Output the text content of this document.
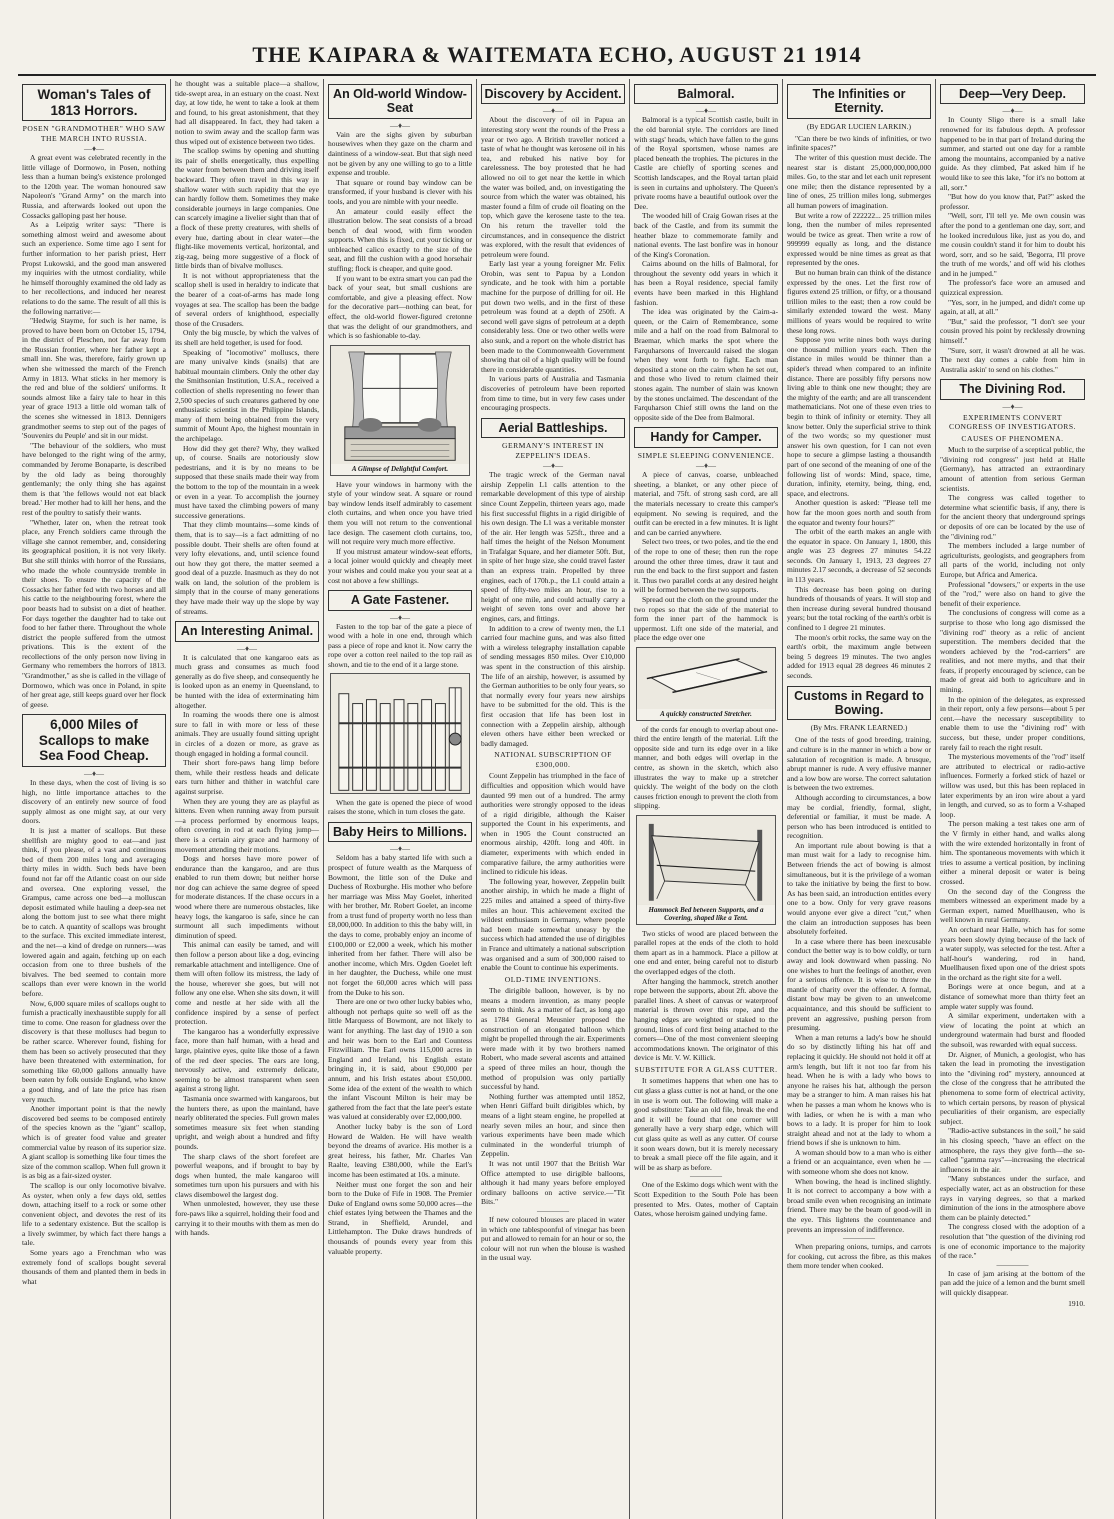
THE KAIPARA & WAITEMATA ECHO, AUGUST 21 1914
Woman's Tales of 1813 Horrors.
POSEN "GRANDMOTHER" WHO SAW THE MARCH INTO RUSSIA.
—♦—

A great event was celebrated recently in the little village of Dormowo, in Posen, nothing less than a human being's existence prolonged to the 120th year. The woman honoured saw Napoleon's "Grand Army" on the march into Russia, and afterwards looked out upon the Cossacks galloping past her house.

As a Leipzig writer says: "There is something almost weird and awesome about such an experience. Some time ago I sent for further information to her parish priest, Herr Propst Lukowski, and the good man answered my inquiries with the utmost cordiality, while he himself thoroughly examined the old lady as to her recollections, and induced her nearest relations to do the same. The result of all this is the following narrative:—

"Hedwig Stayme, for such is her name, is proved to have been born on October 15, 1794, in the district of Pleschen, not far away from the Russian frontier, where her father kept a small inn. She was, therefore, fairly grown up when she witnessed the march of the French Army in 1813. What sticks in her memory is the red and blue of the soldiers' uniforms. It sounds almost like a fairy tale to hear in this year of grace 1913 a little old woman talk of the scenes she witnessed in 1813. Dennigers grandmother seems to step out of the pages of 'Souvenirs du Peuple' and sit in our midst.

"The behaviour of the soldiers, who must have belonged to the right wing of the army, commanded by Jerome Bonaparte, is described by the old lady as being thoroughly gentlemanly; the only thing she has against them is that 'the fellows would not eat black bread.' Her mother had to kill her hens, and the rest of the poultry to satisfy their wants.

"Whether, later on, when the retreat took place, any French soldiers came through the village she cannot remember, and, considering its geographical position, it is not very likely. But she still thinks with horror of the Russians, who made the whole countryside tremble in their shoes. To ensure the capacity of the Cossacks her father fed with two horses and all his cattle to the neighbouring forest, where the poor beasts had to subsist on a diet of heather. For days together the daughter had to take out food to her father there. Throughout the whole district the people suffered from the utmost privations. This is the extent of the recollections of the only person now living in Germany who remembers the horrors of 1813. "Grandmother," as she is called in the village of Dormowo, which was once in Poland, in spite of her great age, still keeps guard over her flock of geese.

6,000 Miles of Scallops to make Sea Food Cheap.
—♦—

In these days, when the cost of living is so high, no little importance attaches to the discovery of an entirely new source of food supply almost as one might say, at our very doors.

It is just a matter of scallops. But these shellfish are mighty good to eat—and just think, if you please, of a vast and continuous bed of them 200 miles long and averaging thirty miles in width. Such beds have been found not far off the Atlantic coast on our side and oversea. One exploring vessel, the Grampus, came across one bed—a molluscan deposit estimated while hauling a deep-sea net along the bottom just to see what there might be to catch. A quantity of scallops was brought to the surface. This excited immediate interest, and the net—a kind of dredge on runners—was lowered again and again, fetching up on each occasion from one to three bushels of the bivalves. The bed seemed to contain more scallops than ever were known in the world before.

Now, 6,000 square miles of scallops ought to furnish a practically inexhaustible supply for all time to come. One reason for gladness over the discovery is that these molluscs had begun to be rather scarce. Wherever found, fishing for them has been so actively prosecuted that they have been threatened with extermination, for something like 60,000 gallons annually have been eaten by folk outside England, who know a good thing, and of late the price has risen very much.

Another important point is that the newly discovered bed seems to be composed entirely of the species known as the "giant" scallop, which is of greater food value and greater commercial value by reason of its superior size. A giant scallop is something like four times the size of the common scallop. When full grown it is as big as a fair-sized oyster.

The scallop is our only locomotive bivalve. As oyster, when only a few days old, settles down, attaching itself to a rock or some other convenient object, and devotes the rest of its life to a sedentary existence. But the scallop is a lively swimmer, by which fact there hangs a tale.

Some years ago a Frenchman who was extremely fond of scallops bought several thousands of them and planted them in beds in what

he thought was a suitable place—a shallow, tide-swept area, in an estuary on the coast. Next day, at low tide, he went to take a look at them and found, to his great astonishment, that they had all disappeared. In fact, they had taken a notion to swim away and the scallop farm was thus wiped out of existence between two tides.

The scallop swims by opening and shutting its pair of shells energetically, thus expelling the water from between them and driving itself backward. They often travel in this way in shallow water with such rapidity that the eye can hardly follow them. Sometimes they make considerable journeys in large companies. One can scarcely imagine a livelier sight than that of a flock of these pretty creatures, with shells of every hue, darting about in clear water—the flight-like movements vertical, horizontal, and zig-zag, being more suggestive of a flock of little birds than of bivalve molluscs.

It is not without appropriateness that the scallop shell is used in heraldry to indicate that the bearer of a coat-of-arms has made long voyages at sea. The scallop has been the badge of several orders of knighthood, especially those of the Crusaders.

Only the big muscle, by which the valves of its shell are held together, is used for food.

Speaking of "locomotive" molluscs, there are many univalve kinds (snails) that are habitual mountain climbers. Only the other day the Smithsonian Institution, U.S.A., received a collection of shells representing no fewer than 2,500 species of such creatures gathered by one enthusiastic scientist in the Philippine Islands, many of them being obtained from the very summit of Mount Apo, the highest mountain in the archipelago.

How did they get there? Why, they walked up, of course. Snails are notoriously slow pedestrians, and it is by no means to be supposed that these snails made their way from the bottom to the top of the mountain in a week or even in a year. To accomplish the journey must have taxed the climbing powers of many successive generations.

That they climb mountains—some kinds of them, that is to say—is a fact admitting of no possible doubt. Their shells are often found at very lofty elevations, and, until science found out how they got there, the matter seemed a good deal of a puzzle. Inasmuch as they do not walk on land, the solution of the problem is simply that in the course of many generations they have made their way up the slope by way of streams.

An Interesting Animal.
—♦—

It is calculated that one kangaroo eats as much grass and consumes as much food generally as do five sheep, and consequently he is looked upon as an enemy in Queensland, to be hunted with the idea of exterminating him altogether.

In roaming the woods there one is almost sure to fall in with more or less of these animals. They are usually found sitting upright in circles of a dozen or more, as grave as though engaged in holding a formal council.

Their short fore-paws hang limp before them, while their restless heads and delicate ears turn hither and thither in watchful care against surprise.

When they are young they are as playful as kittens. Even when running away from pursuit—a process performed by enormous leaps, often covering in rod at each flying jump—there is a certain airy grace and harmony of movement attending their motions.

Dogs and horses have more power of endurance than the kangaroo, and are thus enabled to run them down; but neither horse nor dog can achieve the same degree of speed for moderate distances. If the chase occurs in a wood where there are numerous obstacles, like heavy logs, the kangaroo is safe, since he can surmount all such impediments without diminution of speed.

This animal can easily be tamed, and will then follow a person about like a dog, evincing remarkable attachment and intelligence. One of them will often follow its mistress, the lady of the house, wherever she goes, but will not follow any one else. When she sits down, it will come and nestle at her side with all the confidence inspired by a sense of perfect protection.

The kangaroo has a wonderfully expressive face, more than half human, with a head and large, plaintive eyes, quite like those of a fawn of the red deer species. The ears are long, nervously active, and extremely delicate, seeming to be almost transparent when seen against a strong light.

Tasmania once swarmed with kangaroos, but the hunters there, as upon the mainland, have nearly obliterated the species. Full grown males sometimes measure six feet when standing upright, and weigh about a hundred and fifty pounds.

The sharp claws of the short forefeet are powerful weapons, and if brought to bay by dogs when hunted, the male kangaroo will sometimes turn upon his pursuers and with his claws disembowel the largest dog.

When unmolested, however, they use these fore-paws like a squirrel, holding their food and carrying it to their mouths with them as men do with hands.

An Old-world Window-Seat
—♦—

Vain are the sighs given by suburban housewives when they gaze on the charm and daintiness of a window-seat. But that sigh need not be given by any one willing to go to a little expense and trouble.

That square or round bay window can be transformed, if your husband is clever with his tools, and you are nimble with your needle.

An amateur could easily effect the illustration below. The seat consists of a broad bench of deal wood, with firm wooden supports. When this is fixed, cut your ticking or unbleached calico exactly to the size of the seat, and fill the cushion with a good horsehair stuffing; flock is cheaper, and quite good.

If you want to be extra smart you can pad the back of your seat, but small cushions are comfortable, and give a pleasing effect. Now for the decorative part—nothing can beat, for effect, the old-world flower-figured cretonne that was the delight of our grandmothers, and which is so fashionable to-day.

A Glimpse of Delightful Comfort.

Have your windows in harmony with the style of your window seat. A square or round bay window lends itself admirably to casement cloth curtains, and when once you have tried them you will not return to the conventional lace design. The casement cloth curtains, too, will not require very much more effective.

If you mistrust amateur window-seat efforts, a local joiner would quickly and cheaply meet your wishes and could make you your seat at a cost not above a few shillings.

A Gate Fastener.
—♦—

Fasten to the top bar of the gate a piece of wood with a hole in one end, through which pass a piece of rope and knot it. Now carry the rope over a cotton reel nailed to the top rail as shown, and tie to the end of it a large stone.

When the gate is opened the piece of wood raises the stone, which in turn closes the gate.

Baby Heirs to Millions.
—♦—

Seldom has a baby started life with such a prospect of future wealth as the Marquess of Bowmont, the little son of the Duke and Duchess of Roxburghe. His mother who before her marriage was Miss May Goelet, inherited with her brother, Mr. Robert Goelet, an income from a trust fund of property worth no less than £8,000,000. In addition to this the baby will, in the days to come, probably enjoy an income of £100,000 or £2,000 a week, which his mother inherited from her father. There will also be another income, which Mrs. Ogden Goelet left in her daughter, the Duchess, while one must not forget the 60,000 acres which will pass from the Duke to his son.

There are one or two other lucky babies who, although not perhaps quite so well off as the little Marquess of Bowmont, are not likely to want for anything. The last day of 1910 a son and heir was born to the Earl and Countess Fitzwilliam. The Earl owns 115,000 acres in England and Ireland, his English estate bringing in, it is said, about £90,000 per annum, and his Irish estates about £50,000. Some idea of the extent of the wealth to which the infant Viscount Milton is heir may be gathered from the fact that the late peer's estate was valued at considerably over £2,000,000.

Another lucky baby is the son of Lord Howard de Walden. He will have wealth beyond the dreams of avarice. His mother is a great heiress, his father, Mr. Charles Van Raalte, leaving £380,000, while the Earl's income has been estimated at 10s. a minute.

Neither must one forget the son and heir born to the Duke of Fife in 1908. The Premier Duke of England owns some 50,000 acres—the chief estates lying between the Thames and the Strand, in Sheffield, Arundel, and Littlehampton. The Duke draws hundreds of thousands of pounds every year from this valuable property.

Discovery by Accident.
—♦—

About the discovery of oil in Papua an interesting story went the rounds of the Press a year or two ago. A British traveller noticed a taste of what he thought was kerosene oil in his tea, and rebuked his native boy for carelessness. The boy protested that he had allowed no oil to get near the kettle in which the water was boiled, and, on investigating the source from which the water was obtained, his master found a film of crude oil floating on the top, which gave the kerosene taste to the tea. On his return the traveller told the circumstances, and in consequence the district was explored, with the result that evidences of petroleum were found.

Early last year a young foreigner Mr. Felix Orobin, was sent to Papua by a London syndicate, and he took with him a portable machine for the purpose of drilling for oil. He put down two wells, and in the first of these petroleum was found at a depth of 250ft. A second well gave signs of petroleum at a depth considerably less. One or two other wells were also sunk, and a report on the whole district has been made to the Commonwealth Government showing that oil of a high quality will be found there in considerable quantities.

In various parts of Australia and Tasmania discoveries of petroleum have been reported from time to time, but in very few cases under encouraging prospects.

Aerial Battleships.
GERMANY'S INTEREST IN ZEPPELIN'S IDEAS.
—♦—

The tragic wreck of the German naval airship Zeppelin L1 calls attention to the remarkable development of this type of airship since Count Zeppelin, thirteen years ago, made his first successful flights in a rigid dirigible of his own design. The L1 was a veritable monster of the air. Her length was 525ft., three and a half times the height of the Nelson Monument in Trafalgar Square, and her diameter 50ft. But, in spite of her huge size, she could travel faster than an express train. Propelled by three engines, each of 170h.p., the L1 could attain a speed of fifty-two miles an hour, rise to a height of one mile, and could actually carry a weight of seven tons over and above her engines, cars, and fittings.

In addition to a crew of twenty men, the L1 carried four machine guns, and was also fitted with a wireless telegraphy installation capable of sending messages 850 miles. Over £10,000 was spent in the construction of this airship. The life of an airship, however, is assumed by the German authorities to be only four years, so that normally every four years new airships have to be submitted for the old. This is the first occasion that life has been lost in connection with a Zeppelin airship, although eleven others have either been wrecked or badly damaged.

NATIONAL SUBSCRIPTION OF £300,000.

Count Zeppelin has triumphed in the face of difficulties and opposition which would have daunted 99 men out of a hundred. The army authorities were strongly opposed to the ideas of a rigid dirigible, although the Kaiser supported the Count in his experiments, and when in 1905 the Count constructed an enormous airship, 420ft. long and 40ft. in diameter, experiments with which ended in comparative failure, the army authorities were inclined to ridicule his ideas.

The following year, however, Zeppelin built another airship, in which he made a flight of 225 miles and attained a speed of thirty-five miles an hour. This achievement excited the wildest enthusiasm in Germany, where people had been made somewhat uneasy by the success which had attended the use of dirigibles in France and ultimately a national subscription was organised and a sum of 300,000 raised to enable the Count to continue his experiments.

OLD-TIME INVENTIONS.

The dirigible balloon, however, is by no means a modern invention, as many people seem to think. As a matter of fact, as long ago as 1784 General Meusnier proposed the construction of an elongated balloon which might be propelled through the air. Experiments were made with it by two brothers named Robert, who made several ascents and attained a speed of three miles an hour, though the method of propulsion was only partially successful by hand.

Nothing further was attempted until 1852, when Henri Giffard built dirigibles which, by means of a light steam engine, he propelled at nearly seven miles an hour, and since then various experiments have been made which culminated in the wonderful triumph of Zeppelin.

It was not until 1907 that the British War Office attempted to use dirigible balloons, although it had many years before employed ordinary balloons on active service.—"Tit Bits."

————

If new coloured blouses are placed in water in which one tablespoonful of vinegar has been put and allowed to remain for an hour or so, the colour will not run when the blouse is washed in the usual way.

Balmoral.
—♦—

Balmoral is a typical Scottish castle, built in the old baronial style. The corridors are lined with stags' heads, which have fallen to the guns of the Royal sportsmen, whose names are placed beneath the trophies. The pictures in the Castle are chiefly of sporting scenes and Scottish landscapes, and the Royal tartan plaid is seen in curtains and upholstery. The Queen's private rooms have a beautiful outlook over the Dee.

The wooded hill of Craig Gowan rises at the back of the Castle, and from its summit the heather blaze to commemorate family and national events. The last bonfire was in honour of the King's Coronation.

Cairns abound on the hills of Balmoral, for throughout the seventy odd years in which it has been a Royal residence, special family events have been marked in this Highland fashion.

The idea was originated by the Cairn-a-queen, or the Cairn of Remembrance, some mile and a half on the road from Balmoral to Braemar, which marks the spot where the Farquharsons of Invercauld raised the slogan when they went forth to fight. Each man deposited a stone on the cairn when he set out, and those who lived to return claimed their stones again. The number of slain was known by the stones unclaimed. The descendant of the Farquharson Chief still owns the land on the opposite side of the Dee from Balmoral.

Handy for Camper.
SIMPLE SLEEPING CONVENIENCE.
—♦—

A piece of canvas, coarse, unbleached sheeting, a blanket, or any other piece of material, and 75ft. of strong sash cord, are all the materials necessary to create this camper's equipment. No sewing is required, and the outfit can be erected in a few minutes. It is light and can be carried anywhere.

Select two trees, or two poles, and tie the end of the rope to one of these; then run the rope around the other three times, draw it taut and run the end back to the first support and fasten it. Thus two parallel cords at any desired height will be formed between the two supports.

Spread out the cloth on the ground under the two ropes so that the side of the material to form the inner part of the hammock is uppermost. Lift one side of the material, and place the edge over one

A quickly constructed Stretcher.

of the cords far enough to overlap about one-third the entire length of the material. Lift the opposite side and turn its edge over in a like manner, and both edges will overlap in the centre, as shown in the sketch, which also illustrates the way to make up a stretcher quickly. The weight of the body on the cloth causes friction enough to prevent the cloth from slipping.

Hammock Bed between Supports, and a Covering, shaped like a Tent.

Two sticks of wood are placed between the parallel ropes at the ends of the cloth to hold them apart as in a hammock. Place a pillow at one end and enter, being careful not to disturb the overlapped edges of the cloth.

After hanging the hammock, stretch another rope between the supports, about 2ft. above the parallel lines. A sheet of canvas or waterproof material is thrown over this rope, and the hanging edges are weighted or staked to the ground, lines of cord first being attached to the corners—One of the most convenient sleeping accommodations known. The originator of this device is Mr. V. W. Killick.

SUBSTITUTE FOR A GLASS CUTTER.

It sometimes happens that when one has to cut glass a glass cutter is not at hand, or the one in use is worn out. The following will make a good substitute: Take an old file, break the end and it will be found that one corner will generally have a very sharp edge, which will cut glass quite as well as any cutter. Of course it soon wears down, but it is merely necessary to break a small piece off the file again, and it will be as sharp as before.

————

One of the Eskimo dogs which went with the Scott Expedition to the South Pole has been presented to Mrs. Oates, mother of Captain Oates, whose heroism gained undying fame.

The Infinities or Eternity.
(By EDGAR LUCIEN LARKIN.)

"Can there be two kinds of infinities, or two infinite spaces?"

The writer of this question must decide. The nearest star is distant 25,000,000,000,000 miles. Go, to the star and let each unit represent one mile; then the distance represented by a line of ones, 25 trillion miles long, submerges all human powers of imagination.

But write a row of 222222... 25 trillion miles long, then the number of miles represented would be twice as great. Then write a row of 999999 equally as long, and the distance expressed would be nine times as great as that represented by the ones.

But no human brain can think of the distance expressed by the ones. Let the first row of figures extend 25 trillion, or fifty, or a thousand trillion miles to the east; then a row could be similarly extended toward the west. Many millions of years would be required to write these long rows.

Suppose you write nines both ways during one thousand million years each. Then the distance in miles would be thinner than a spider's thread when compared to an infinite distance. There are possibly fifty persons now living able to think one new thought; they are the mighty of the earth; and are all transcendent mathematicians. Not one of these even tries to begin to think of infinity or eternity. They all know better. Only the superficial strive to think of the two words; so my questioner must answer his own question, for I can not even hope to secure a glimpse lasting a thousandth part of one second of the meaning of one of the following list of words: Mind, space, time, duration, infinity, eternity, being, thing, end, space, and electrons.

Another question is asked: "Please tell me how far the moon goes north and south from the equator and twenty four hours?"

The orbit of the earth makes an angle with the equator in space. On January 1, 1800, this angle was 23 degrees 27 minutes 54.22 seconds. On January 1, 1913, 23 degrees 27 minutes 2.17 seconds, a decrease of 52 seconds in 113 years.

This decrease has been going on during hundreds of thousands of years. It will stop and then increase during several hundred thousand years; but the total rocking of the earth's orbit is confined to 1 degree 21 minutes.

The moon's orbit rocks, the same way on the earth's orbit, the maximum angle between being 5 degrees 19 minutes. The two angles added for 1913 equal 28 degrees 46 minutes 2 seconds.

Customs in Regard to Bowing.
(By Mrs. FRANK LEARNED.)

One of the tests of good breeding, training, and culture is in the manner in which a bow or salutation of recognition is made. A brusque, abrupt manner is rude. A very effusive manner and a low bow are worse. The correct salutation is between the two extremes.

Although according to circumstances, a bow may be cordial, friendly, formal, slight, deferential or familiar, it must be made. A person who has been introduced is entitled to recognition.

An important rule about bowing is that a man must wait for a lady to recognise him. Between friends the act of bowing is almost simultaneous, but it is the privilege of a woman to take the initiative by being the first to bow. As has been said, an introduction entitles every one to a bow. Only for very grave reasons would anyone ever give a direct "cut," when the claim an introduction supposes has been absolutely forfeited.

In a case where there has been inexcusable conduct the better way is to bow coldly, or turn away and look downward when passing. No one wishes to hurt the feelings of another, even for a serious offence. It is wise to throw the mantle of charity over the offender. A formal, distant bow may be given to an unwelcome acquaintance, and this should be sufficient to prevent an aggressive, pushing person from presuming.

When a man returns a lady's bow he should do so by distinctly lifting his hat off and replacing it quickly. He should not hold it off at arm's length, but lift it not too far from his head. When he is with a lady who bows to anyone he raises his hat, although the person may be a stranger to him. A man raises his hat when he passes a man whom he knows who is with ladies, or when he is with a man who bows to a lady. It is proper for him to look straight ahead and not at the lady to whom a friend bows if she is unknown to him.

A woman should bow to a man who is either a friend or an acquaintance, even when he — with someone whom she does not know.

When bowing, the head is inclined slightly. It is not correct to accompany a bow with a broad smile even when recognising an intimate friend. There may be the beam of good-will in the eye. This lightens the countenance and prevents an impression of indifference.

————

When preparing onions, turnips, and carrots for cooking, cut across the fibre, as this makes them more tender when cooked.

Deep—Very Deep.
—♦—

In County Sligo there is a small lake renowned for its fabulous depth. A professor happened to be in that part of Ireland during the summer, and started out one day for a ramble among the mountains, accompanied by a native guide. As they climbed, Pat asked him if he would like to see this lake, "for it's no bottom at all, sorr."

"But how do you know that, Pat?" asked the professor.

"Well, sorr, I'll tell ye. Me own cousin was after the pond to a gentleman one day, sorr, and he looked incredulous like, just as you do, and me cousin couldn't stand it for him to doubt his word, sorr, and so he said, 'Begorra, I'll prove the truth of me words,' and off wid his clothes and in he jumped."

The professor's face wore an amused and quizzical expression.

"Yes, sorr, in he jumped, and didn't come up again, at all, at all."

"But," said the professor, "I don't see your cousin proved his point by recklessly drowning himself."

"Sure, sorr, it wasn't drowned at all he was. The next day comes a cable from him in Australia askin' to send on his clothes."

The Divining Rod.
—♦—
EXPERIMENTS CONVERT CONGRESS OF INVESTIGATORS.
CAUSES OF PHENOMENA.

Much to the surprise of a sceptical public, the "divining rod congress" just held at Halle (Germany), has attracted an extraordinary amount of attention from serious German scientists.

The congress was called together to determine what scientific basis, if any, there is for the ancient theory that underground springs or deposits of ore can be located by the use of the "divining rod."

The members included a large number of agriculturists, geologists, and geographers from all parts of the world, including not only Europe, but Africa and America.

Professional "dowsers," or experts in the use of the "rod," were also on hand to give the benefit of their experience.

The conclusions of congress will come as a surprise to those who long ago dismissed the "divining rod" theory as a relic of ancient superstition. The members decided that the wonders achieved by the "rod-carriers" are realities, and not mere myths, and that their feats, if properly encouraged by science, can be made of great aid both to agriculture and in mining.

In the opinion of the delegates, as expressed in their report, only a few persons—about 5 per cent.—have the necessary susceptibility to enable them to use the "divining rod" with success, but these, under proper conditions, rarely fail to reach the right result.

The mysterious movements of the "rod" itself are attributed to electrical or radio-active influences. Formerly a forked stick of hazel or willow was used, but this has been replaced in later experiments by an iron wire about a yard in length, and curved, so as to form a V-shaped loop.

The person making a test takes one arm of the V firmly in either hand, and walks along with the wire extended horizontally in front of him. The spontaneous movements with which it tries to assume a vertical position, by inclining either a mineral deposit or water is being crossed.

On the second day of the Congress the members witnessed an experiment made by a German expert, named Muellhausen, who is well known in rural Germany.

An orchard near Halle, which has for some years been slowly dying because of the lack of a water supply, was selected for the test. After a half-hour's wandering, rod in hand, Muellhausen fixed upon one of the driest spots in the orchard as the right site for a well.

Borings were at once begun, and at a distance of somewhat more than thirty feet an ample water supply was found.

A similar experiment, undertaken with a view of locating the point at which an underground watermain had burst and flooded the subsoil, was rewarded with equal success.

Dr. Aigner, of Munich, a geologist, who has taken the lead in promoting the investigation into the "divining rod" mystery, announced at the close of the congress that he attributed the phenomena to some form of electrical activity, to which certain persons, by reason of physical peculiarities of their organism, are especially subject.

"Radio-active substances in the soil," he said in his closing speech, "have an effect on the atmosphere, the rays they give forth—the so-called "gamma rays"—increasing the electrical influences in the air.

"Many substances under the surface, and especially water, act as an obstruction for these rays in varying degrees, so that a marked diminution of the ions in the atmosphere above them can be plainly detected."

The congress closed with the adoption of a resolution that "the question of the divining rod is one of economic importance to the majority of the race."

————

In case of jam arising at the bottom of the pan add the juice of a lemon and the burnt smell will quickly disappear.

1910.
